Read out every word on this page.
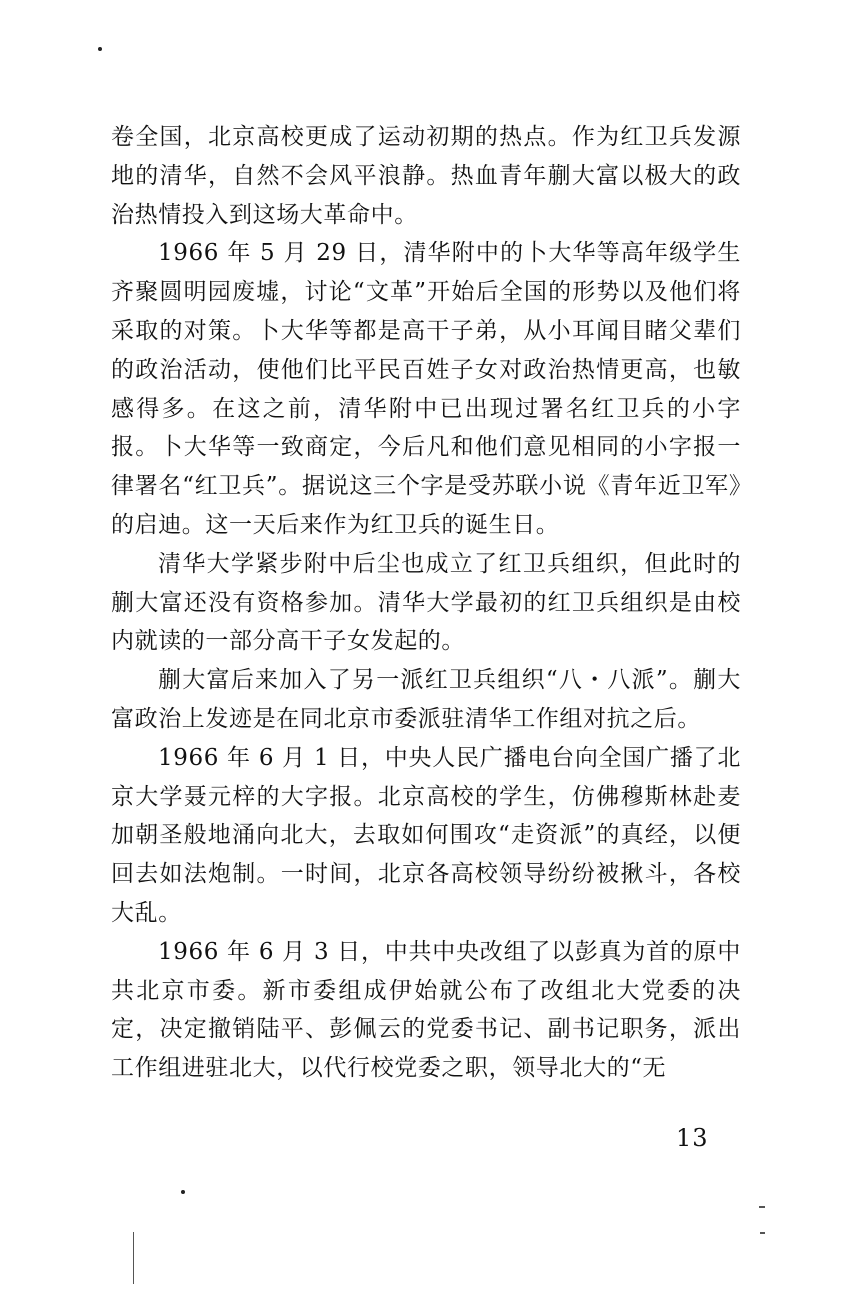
卷全国，北京高校更成了运动初期的热点。作为红卫兵发源地的清华，自然不会风平浪静。热血青年蒯大富以极大的政治热情投入到这场大革命中。

1966 年 5 月 29 日，清华附中的卜大华等高年级学生齐聚圆明园废墟，讨论“文革”开始后全国的形势以及他们将采取的对策。卜大华等都是高干子弟，从小耳闻目睹父辈们的政治活动，使他们比平民百姓子女对政治热情更高，也敏感得多。在这之前，清华附中已出现过署名红卫兵的小字报。卜大华等一致商定，今后凡和他们意见相同的小字报一律署名“红卫兵”。据说这三个字是受苏联小说《青年近卫军》的启迪。这一天后来作为红卫兵的诞生日。

清华大学紧步附中后尘也成立了红卫兵组织，但此时的蒯大富还没有资格参加。清华大学最初的红卫兵组织是由校内就读的一部分高干子女发起的。

蒯大富后来加入了另一派红卫兵组织“八・八派”。蒯大富政治上发迹是在同北京市委派驻清华工作组对抗之后。

1966 年 6 月 1 日，中央人民广播电台向全国广播了北京大学聂元梓的大字报。北京高校的学生，仿佛穆斯林赴麦加朝圣般地涌向北大，去取如何围攻“走资派”的真经，以便回去如法炮制。一时间，北京各高校领导纷纷被揪斗，各校大乱。

1966 年 6 月 3 日，中共中央改组了以彭真为首的原中共北京市委。新市委组成伊始就公布了改组北大党委的决定，决定撤销陆平、彭佩云的党委书记、副书记职务，派出工作组进驻北大，以代行校党委之职，领导北大的“无

13
